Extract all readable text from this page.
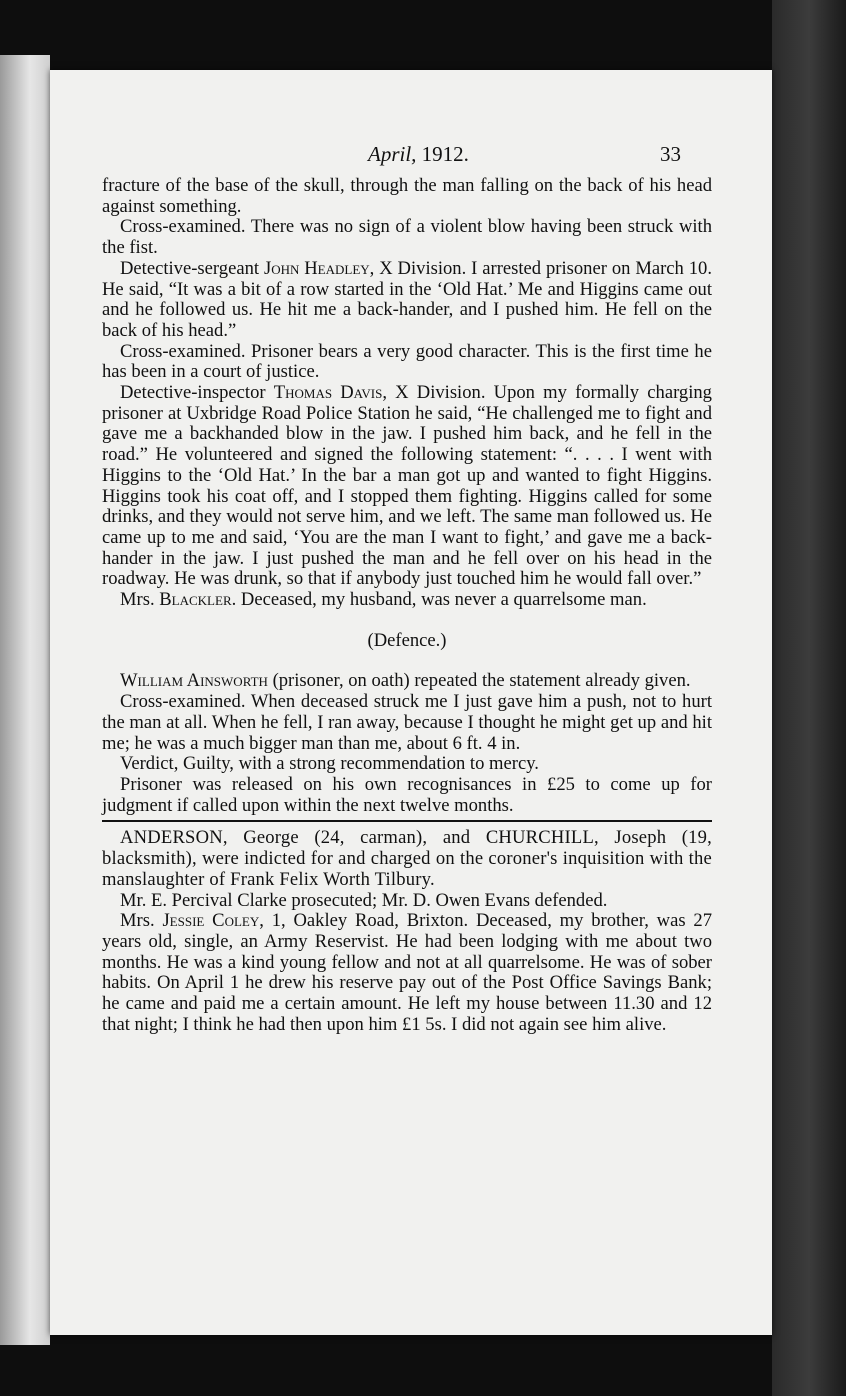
April, 1912.	33

fracture of the base of the skull, through the man falling on the back of his head against something.

Cross-examined. There was no sign of a violent blow having been struck with the fist.

Detective-sergeant John Headley, X Division. I arrested prisoner on March 10. He said, “It was a bit of a row started in the ‘Old Hat.’ Me and Higgins came out and he followed us. He hit me a back-hander, and I pushed him. He fell on the back of his head.”

Cross-examined. Prisoner bears a very good character. This is the first time he has been in a court of justice.

Detective-inspector Thomas Davis, X Division. Upon my formally charging prisoner at Uxbridge Road Police Station he said, “He challenged me to fight and gave me a backhanded blow in the jaw. I pushed him back, and he fell in the road.” He volunteered and signed the following statement: “. . . . I went with Higgins to the ‘Old Hat.’ In the bar a man got up and wanted to fight Higgins. Higgins took his coat off, and I stopped them fighting. Higgins called for some drinks, and they would not serve him, and we left. The same man followed us. He came up to me and said, ‘You are the man I want to fight,’ and gave me a back-hander in the jaw. I just pushed the man and he fell over on his head in the roadway. He was drunk, so that if anybody just touched him he would fall over.”

Mrs. Blackler. Deceased, my husband, was never a quarrelsome man.

(Defence.)

William Ainsworth (prisoner, on oath) repeated the statement already given.

Cross-examined. When deceased struck me I just gave him a push, not to hurt the man at all. When he fell, I ran away, because I thought he might get up and hit me; he was a much bigger man than me, about 6 ft. 4 in.

Verdict, Guilty, with a strong recommendation to mercy.

Prisoner was released on his own recognisances in £25 to come up for judgment if called upon within the next twelve months.

ANDERSON, George (24, carman), and CHURCHILL, Joseph (19, blacksmith), were indicted for and charged on the coroner's inquisition with the manslaughter of Frank Felix Worth Tilbury.

Mr. E. Percival Clarke prosecuted; Mr. D. Owen Evans defended.

Mrs. Jessie Coley, 1, Oakley Road, Brixton. Deceased, my brother, was 27 years old, single, an Army Reservist. He had been lodging with me about two months. He was a kind young fellow and not at all quarrelsome. He was of sober habits. On April 1 he drew his reserve pay out of the Post Office Savings Bank; he came and paid me a certain amount. He left my house between 11.30 and 12 that night; I think he had then upon him £1 5s. I did not again see him alive.
